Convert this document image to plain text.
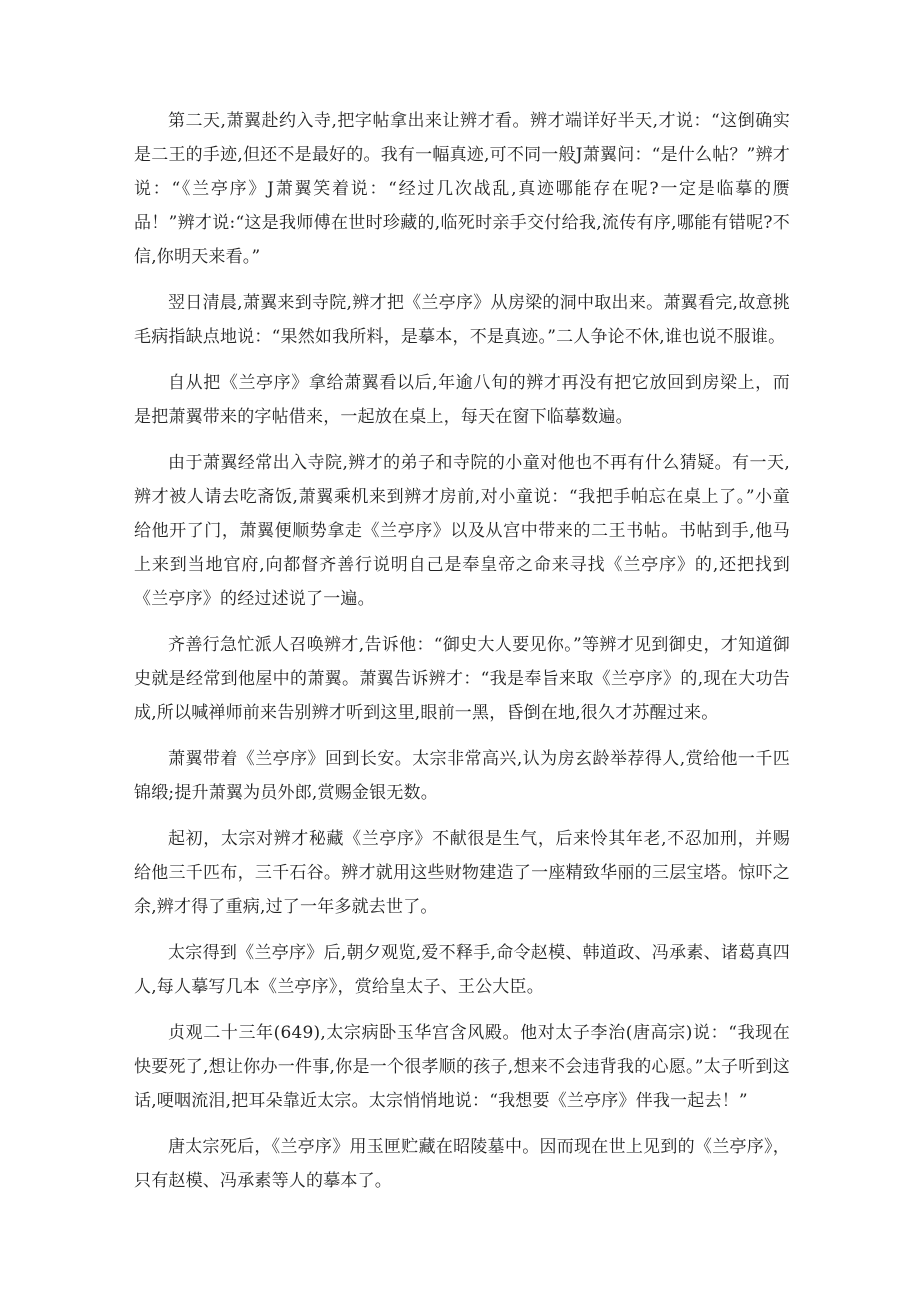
第二天,萧翼赴约入寺,把字帖拿出来让辨才看。辨才端详好半天,才说：“这倒确实是二王的手迹,但还不是最好的。我有一幅真迹,可不同一般J萧翼问：“是什么帖？”辨才说：“《兰亭序》J萧翼笑着说：“经过几次战乱,真迹哪能存在呢?一定是临摹的赝品！”辨才说:“这是我师傅在世时珍藏的,临死时亲手交付给我,流传有序,哪能有错呢?不信,你明天来看。”

翌日清晨,萧翼来到寺院,辨才把《兰亭序》从房梁的洞中取出来。萧翼看完,故意挑毛病指缺点地说：“果然如我所料，是摹本，不是真迹。”二人争论不休,谁也说不服谁。

自从把《兰亭序》拿给萧翼看以后,年逾八旬的辨才再没有把它放回到房梁上，而是把萧翼带来的字帖借来，一起放在桌上，每天在窗下临摹数遍。

由于萧翼经常出入寺院,辨才的弟子和寺院的小童对他也不再有什么猜疑。有一天,辨才被人请去吃斋饭,萧翼乘机来到辨才房前,对小童说：“我把手帕忘在桌上了。”小童给他开了门，萧翼便顺势拿走《兰亭序》以及从宫中带来的二王书帖。书帖到手,他马上来到当地官府,向都督齐善行说明自己是奉皇帝之命来寻找《兰亭序》的,还把找到《兰亭序》的经过述说了一遍。

齐善行急忙派人召唤辨才,告诉他：“御史大人要见你。”等辨才见到御史，才知道御史就是经常到他屋中的萧翼。萧翼告诉辨才：“我是奉旨来取《兰亭序》的,现在大功告成,所以喊禅师前来告别辨才听到这里,眼前一黑，昏倒在地,很久才苏醒过来。

萧翼带着《兰亭序》回到长安。太宗非常高兴,认为房玄龄举荐得人,赏给他一千匹锦缎;提升萧翼为员外郎,赏赐金银无数。

起初，太宗对辨才秘藏《兰亭序》不献很是生气，后来怜其年老,不忍加刑，并赐给他三千匹布，三千石谷。辨才就用这些财物建造了一座精致华丽的三层宝塔。惊吓之余,辨才得了重病,过了一年多就去世了。

太宗得到《兰亭序》后,朝夕观览,爱不释手,命令赵模、韩道政、冯承素、诸葛真四人,每人摹写几本《兰亭序》，赏给皇太子、王公大臣。

贞观二十三年(649),太宗病卧玉华宫含风殿。他对太子李治(唐高宗)说：“我现在快要死了,想让你办一件事,你是一个很孝顺的孩子,想来不会违背我的心愿。”太子听到这话,哽咽流泪,把耳朵靠近太宗。太宗悄悄地说：“我想要《兰亭序》伴我一起去！”

唐太宗死后，《兰亭序》用玉匣贮藏在昭陵墓中。因而现在世上见到的《兰亭序》，只有赵模、冯承素等人的摹本了。
